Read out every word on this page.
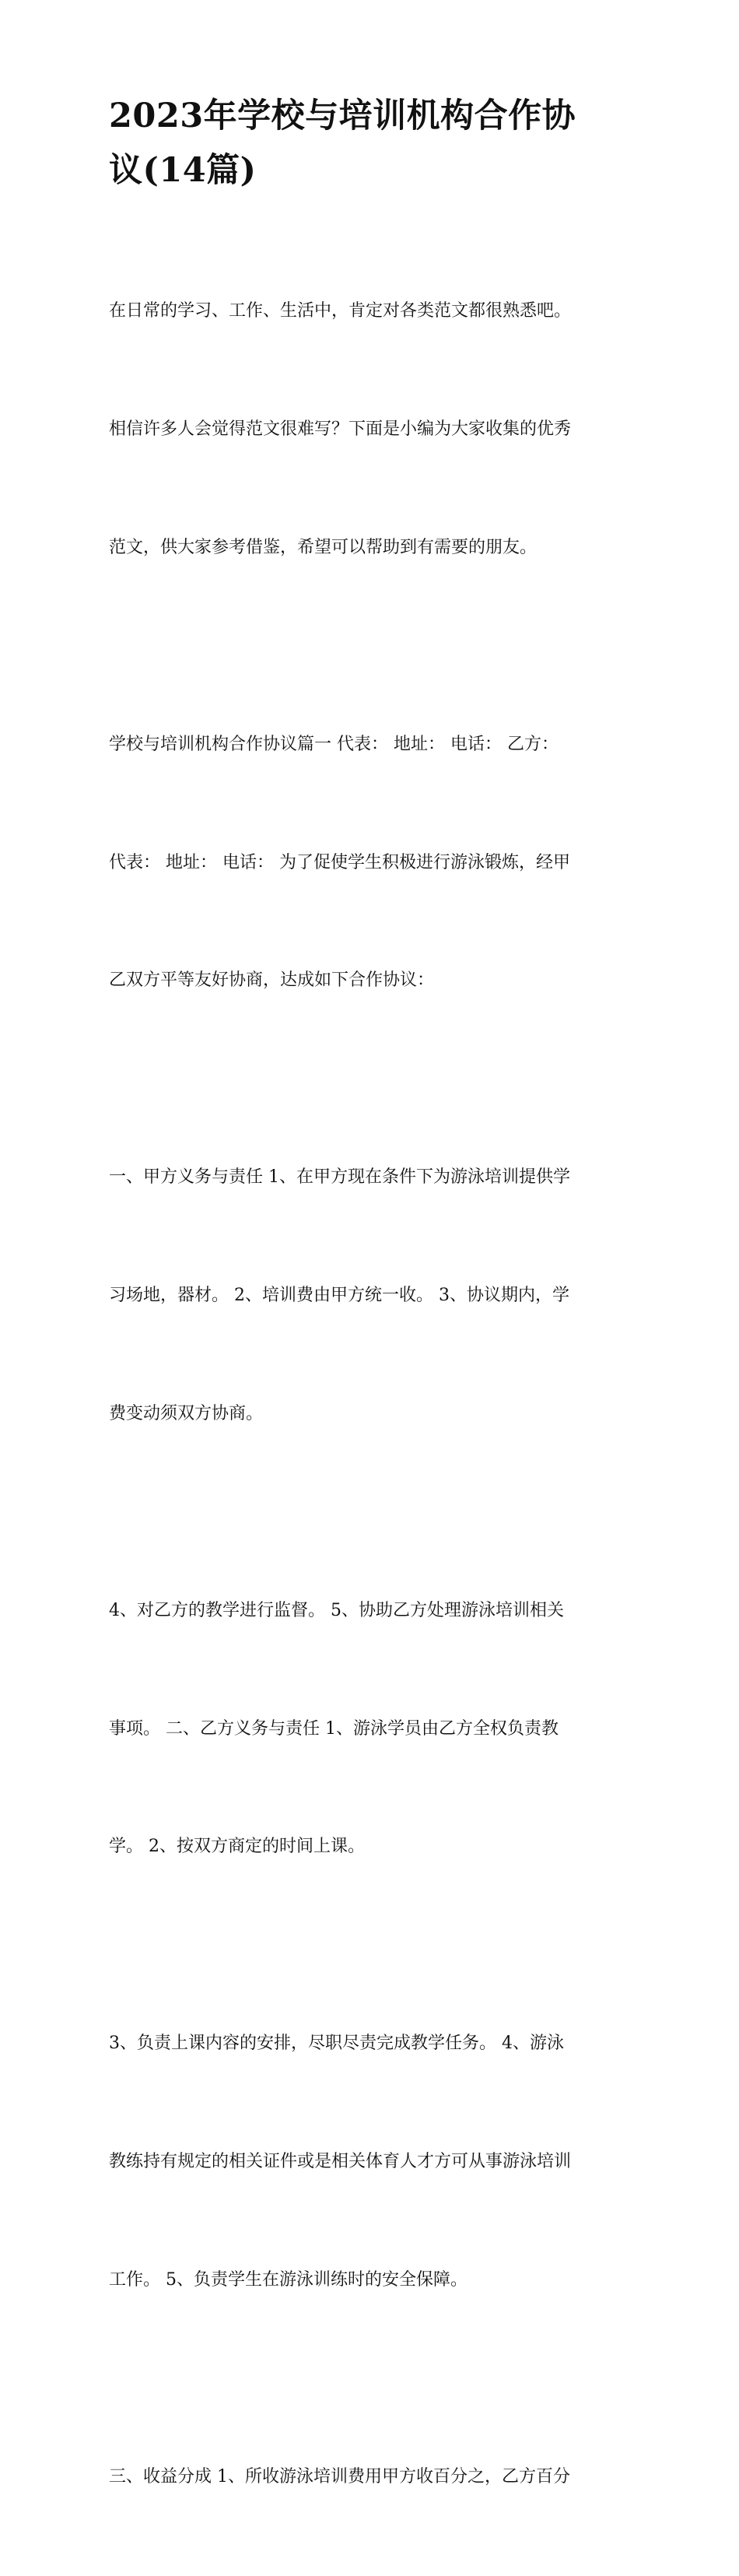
2023年学校与培训机构合作协
议(14篇)

在日常的学习、工作、生活中，肯定对各类范文都很熟悉吧。

相信许多人会觉得范文很难写？下面是小编为大家收集的优秀

范文，供大家参考借鉴，希望可以帮助到有需要的朋友。

学校与培训机构合作协议篇一 代表： 地址： 电话： 乙方：

代表： 地址： 电话： 为了促使学生积极进行游泳锻炼，经甲

乙双方平等友好协商，达成如下合作协议：

一、甲方义务与责任 1、在甲方现在条件下为游泳培训提供学

习场地，器材。 2、培训费由甲方统一收。 3、协议期内，学

费变动须双方协商。

4、对乙方的教学进行监督。 5、协助乙方处理游泳培训相关

事项。 二、乙方义务与责任 1、游泳学员由乙方全权负责教

学。 2、按双方商定的时间上课。

3、负责上课内容的安排，尽职尽责完成教学任务。 4、游泳

教练持有规定的相关证件或是相关体育人才方可从事游泳培训

工作。 5、负责学生在游泳训练时的安全保障。

三、收益分成 1、所收游泳培训费用甲方收百分之，乙方百分
